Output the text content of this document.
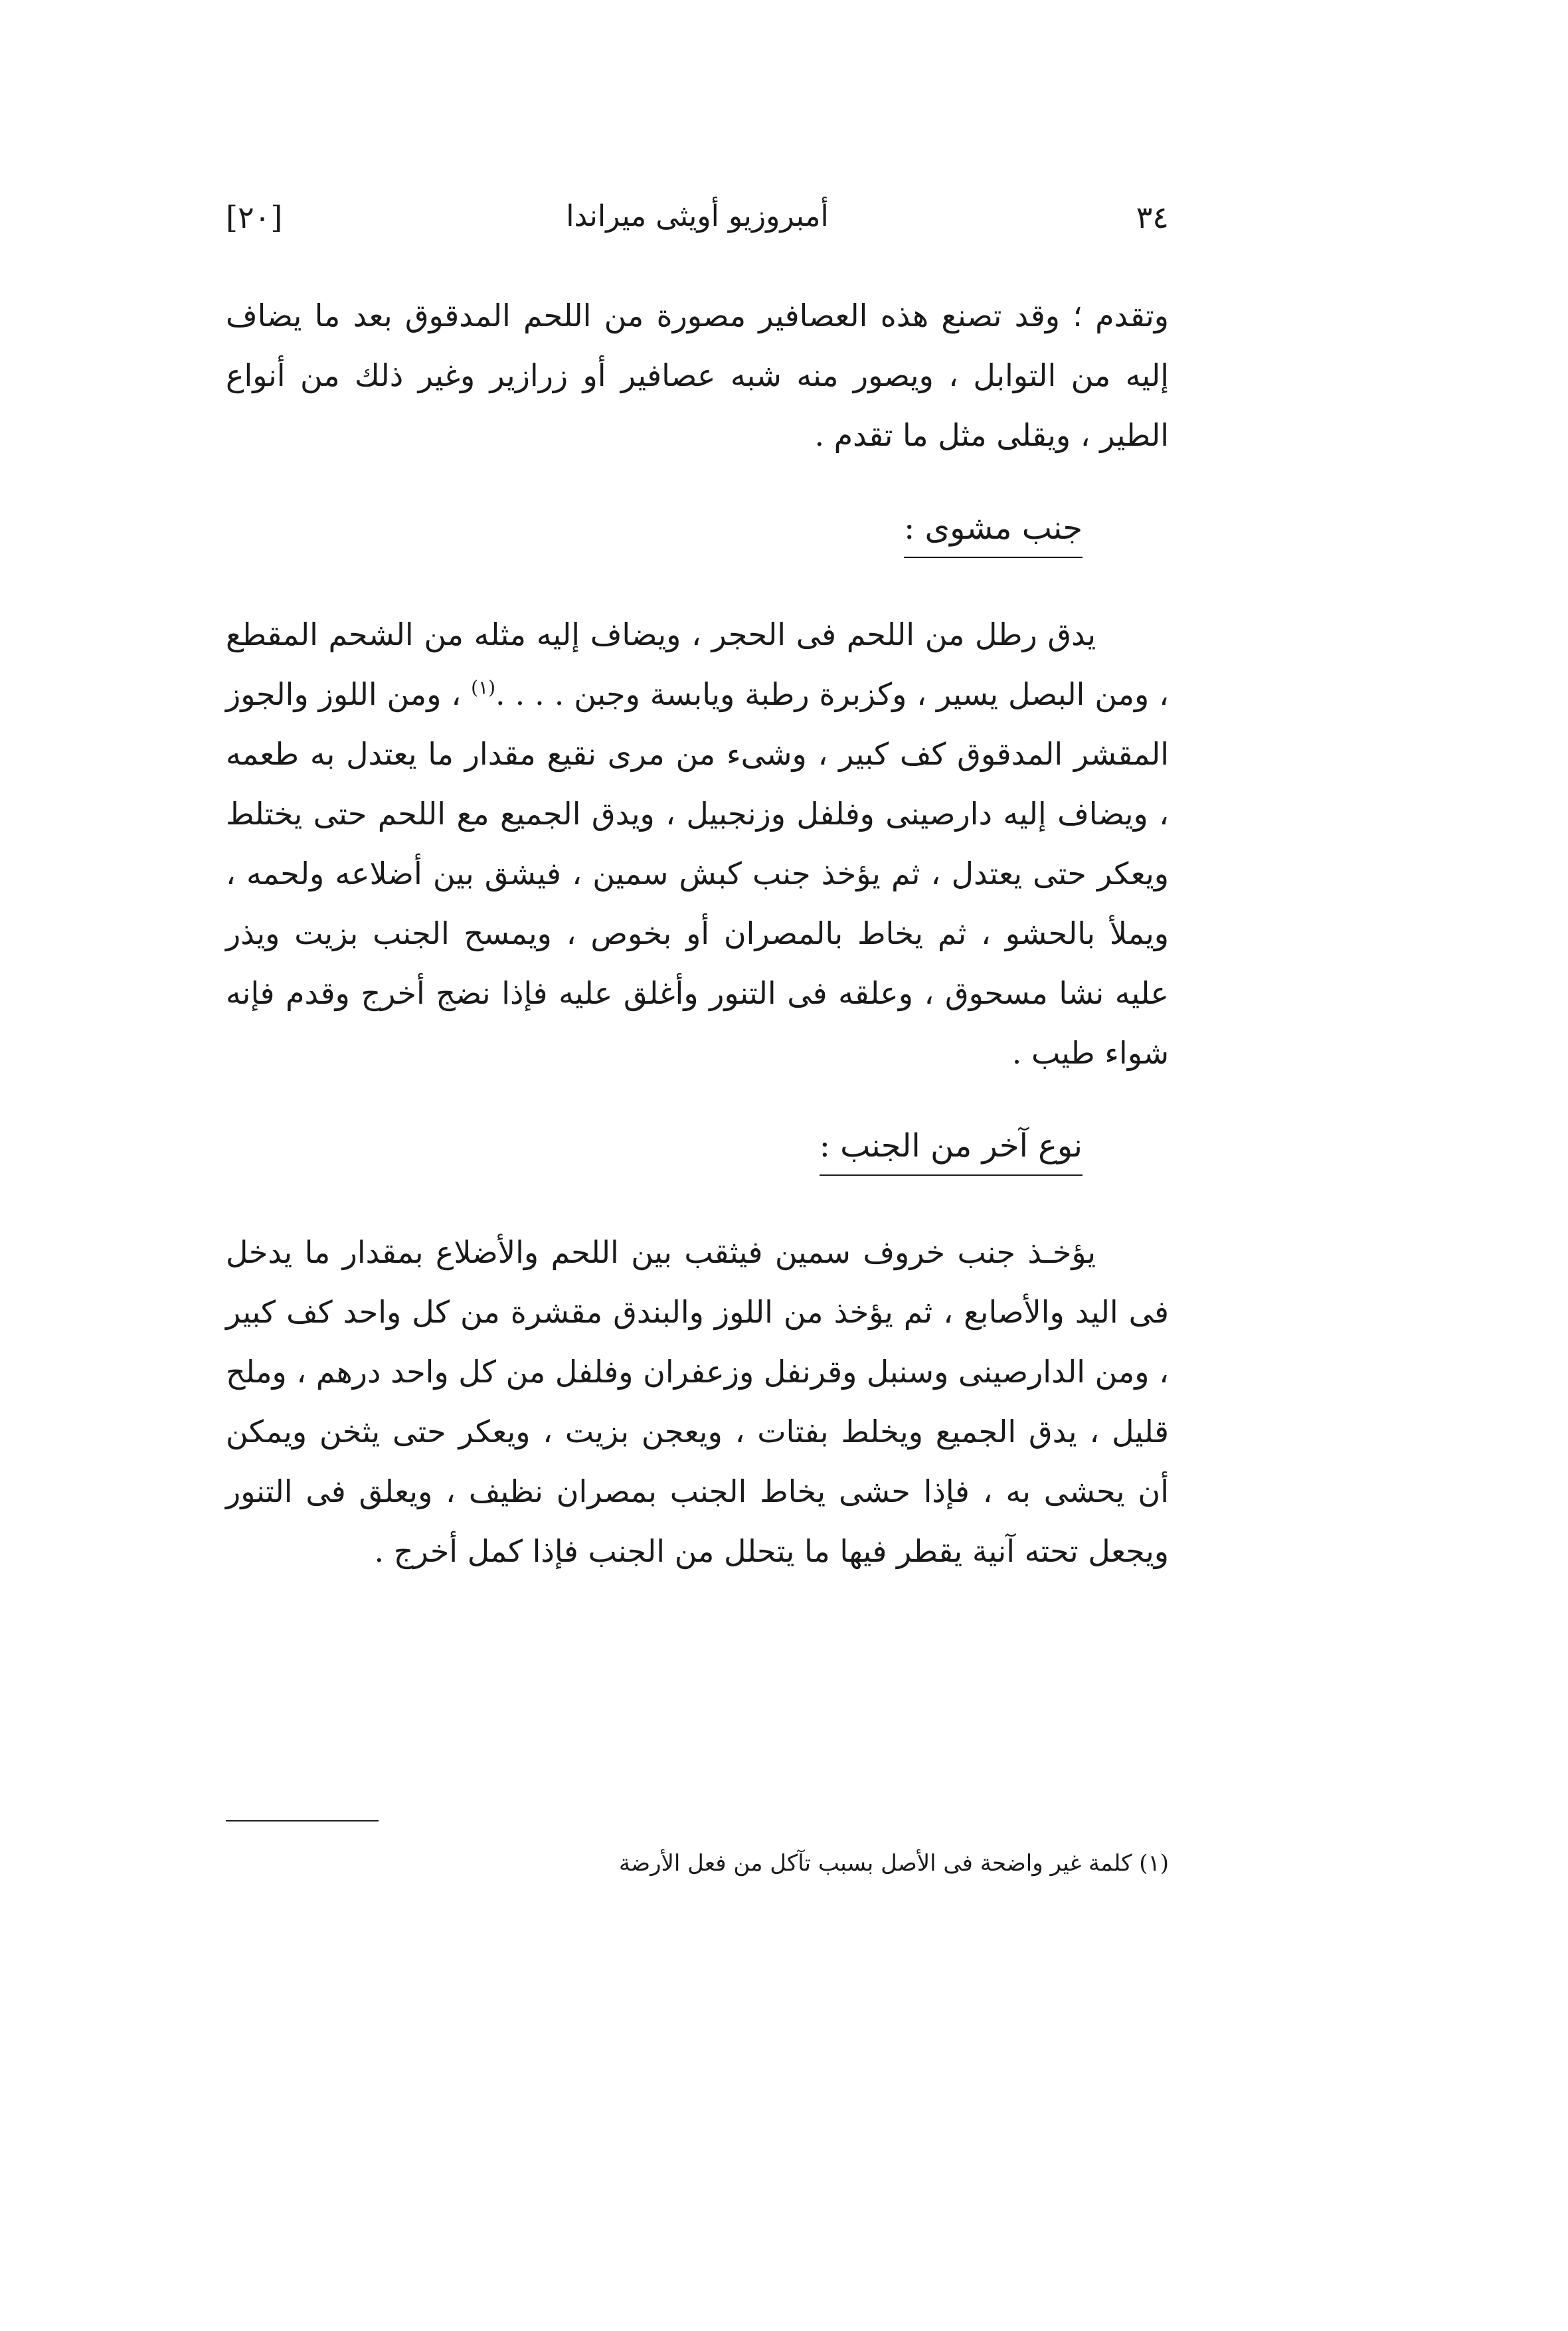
٣٤
أمبروزيو أويثى ميراندا
[٢٠]

وتقدم ؛ وقد تصنع هذه العصافير مصورة من اللحم المدقوق بعد ما يضاف إليه من التوابل ، ويصور منه شبه عصافير أو زرازير وغير ذلك من أنواع الطير ، ويقلى مثل ما تقدم .

جنب مشوى :

يدق رطل من اللحم فى الحجر ، ويضاف إليه مثله من الشحم المقطع ، ومن البصل يسير ، وكزبرة رطبة ويابسة وجبن . . . .$^{(١)}$ ، ومن اللوز والجوز المقشر المدقوق كف كبير ، وشىء من مرى نقيع مقدار ما يعتدل به طعمه ، ويضاف إليه دارصينى وفلفل وزنجبيل ، ويدق الجميع مع اللحم حتى يختلط ويعكر حتى يعتدل ، ثم يؤخذ جنب كبش سمين ، فيشق بين أضلاعه ولحمه ، ويملأ بالحشو ، ثم يخاط بالمصران أو بخوص ، ويمسح الجنب بزيت ويذر عليه نشا مسحوق ، وعلقه فى التنور وأغلق عليه فإذا نضج أخرج وقدم فإنه شواء طيب .

نوع آخر من الجنب :

يؤخـذ جنب خروف سمين فيثقب بين اللحم والأضلاع بمقدار ما يدخل فى اليد والأصابع ، ثم يؤخذ من اللوز والبندق مقشرة من كل واحد كف كبير ، ومن الدارصينى وسنبل وقرنفل وزعفران وفلفل من كل واحد درهم ، وملح قليل ، يدق الجميع ويخلط بفتات ، ويعجن بزيت ، ويعكر حتى يثخن ويمكن أن يحشى به ، فإذا حشى يخاط الجنب بمصران نظيف ، ويعلق فى التنور ويجعل تحته آنية يقطر فيها ما يتحلل من الجنب فإذا كمل أخرج .

(١) كلمة غير واضحة فى الأصل بسبب تآكل من فعل الأرضة
